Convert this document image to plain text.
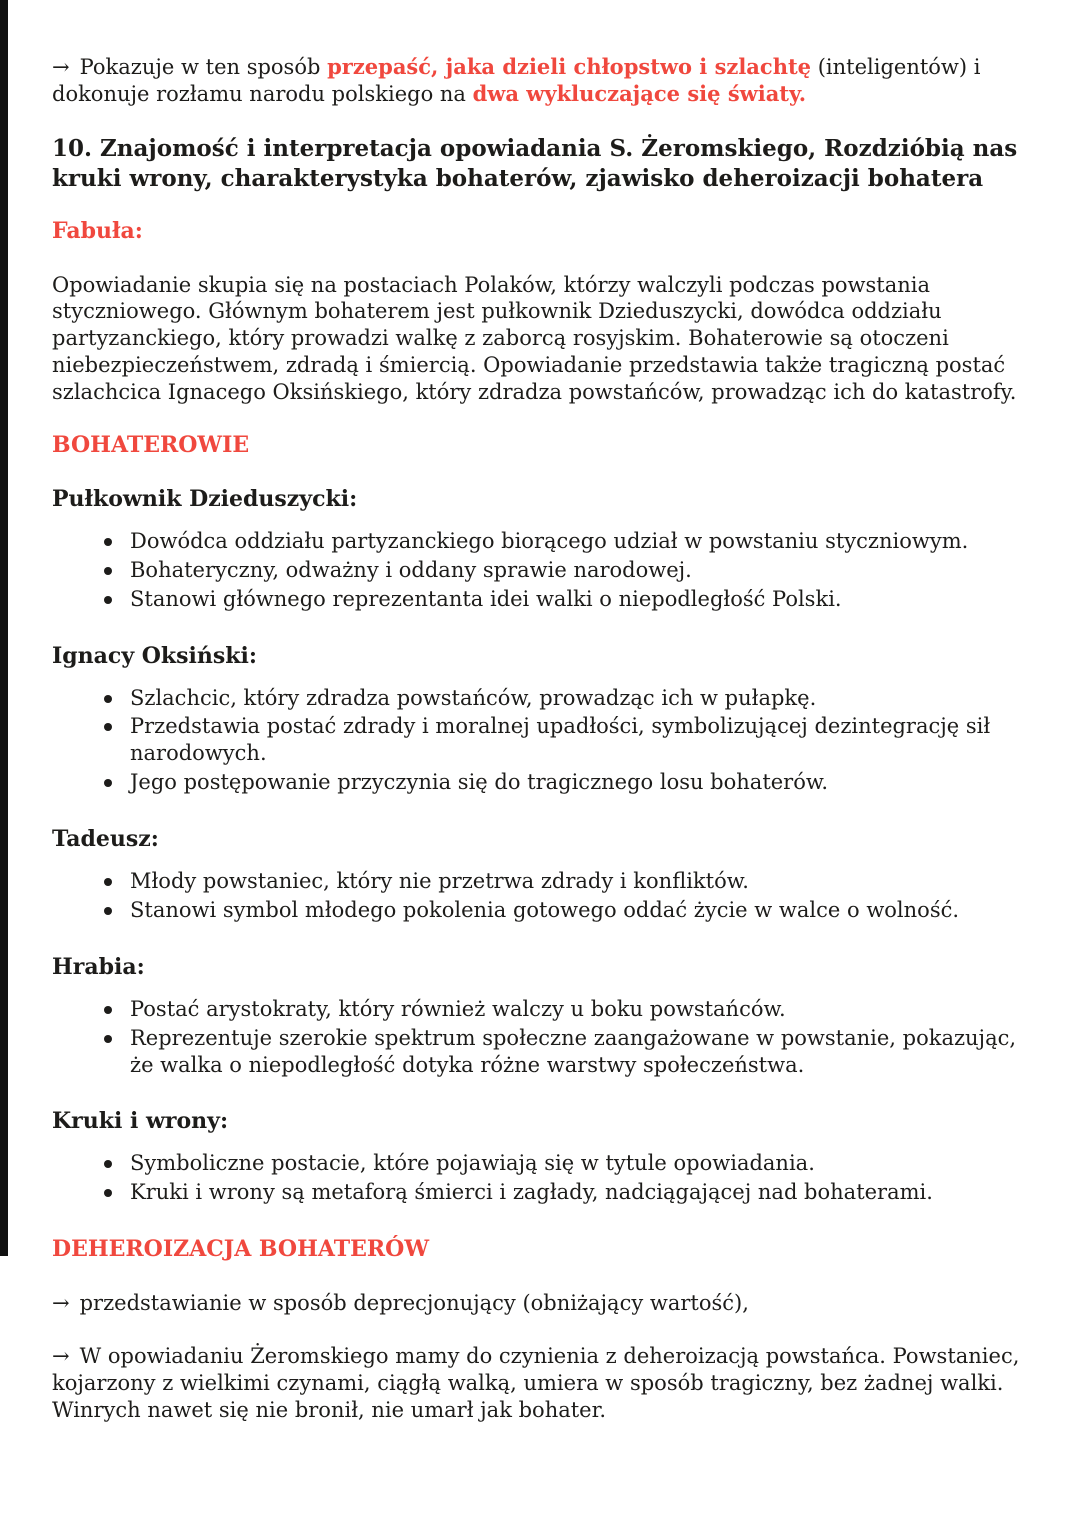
→ Pokazuje w ten sposób przepaść, jaka dzieli chłopstwo i szlachtę (inteligentów) i dokonuje rozłamu narodu polskiego na dwa wykluczające się światy.

10. Znajomość i interpretacja opowiadania S. Żeromskiego, Rozdzióbią nas kruki wrony, charakterystyka bohaterów, zjawisko deheroizacji bohatera
Fabuła:

Opowiadanie skupia się na postaciach Polaków, którzy walczyli podczas powstania styczniowego. Głównym bohaterem jest pułkownik Dzieduszycki, dowódca oddziału partyzanckiego, który prowadzi walkę z zaborcą rosyjskim. Bohaterowie są otoczeni niebezpieczeństwem, zdradą i śmiercią. Opowiadanie przedstawia także tragiczną postać szlachcica Ignacego Oksińskiego, który zdradza powstańców, prowadząc ich do katastrofy.

BOHATEROWIE
Pułkownik Dzieduszycki:
Dowódca oddziału partyzanckiego biorącego udział w powstaniu styczniowym.
Bohateryczny, odważny i oddany sprawie narodowej.
Stanowi głównego reprezentanta idei walki o niepodległość Polski.
Ignacy Oksiński:
Szlachcic, który zdradza powstańców, prowadząc ich w pułapkę.
Przedstawia postać zdrady i moralnej upadłości, symbolizującej dezintegrację sił narodowych.
Jego postępowanie przyczynia się do tragicznego losu bohaterów.
Tadeusz:
Młody powstaniec, który nie przetrwa zdrady i konfliktów.
Stanowi symbol młodego pokolenia gotowego oddać życie w walce o wolność.
Hrabia:
Postać arystokraty, który również walczy u boku powstańców.
Reprezentuje szerokie spektrum społeczne zaangażowane w powstanie, pokazując, że walka o niepodległość dotyka różne warstwy społeczeństwa.
Kruki i wrony:
Symboliczne postacie, które pojawiają się w tytule opowiadania.
Kruki i wrony są metaforą śmierci i zagłady, nadciągającej nad bohaterami.
DEHEROIZACJA BOHATERÓW

→ przedstawianie w sposób deprecjonujący (obniżający wartość),

→ W opowiadaniu Żeromskiego mamy do czynienia z deheroizacją powstańca. Powstaniec, kojarzony z wielkimi czynami, ciągłą walką, umiera w sposób tragiczny, bez żadnej walki. Winrych nawet się nie bronił, nie umarł jak bohater.
